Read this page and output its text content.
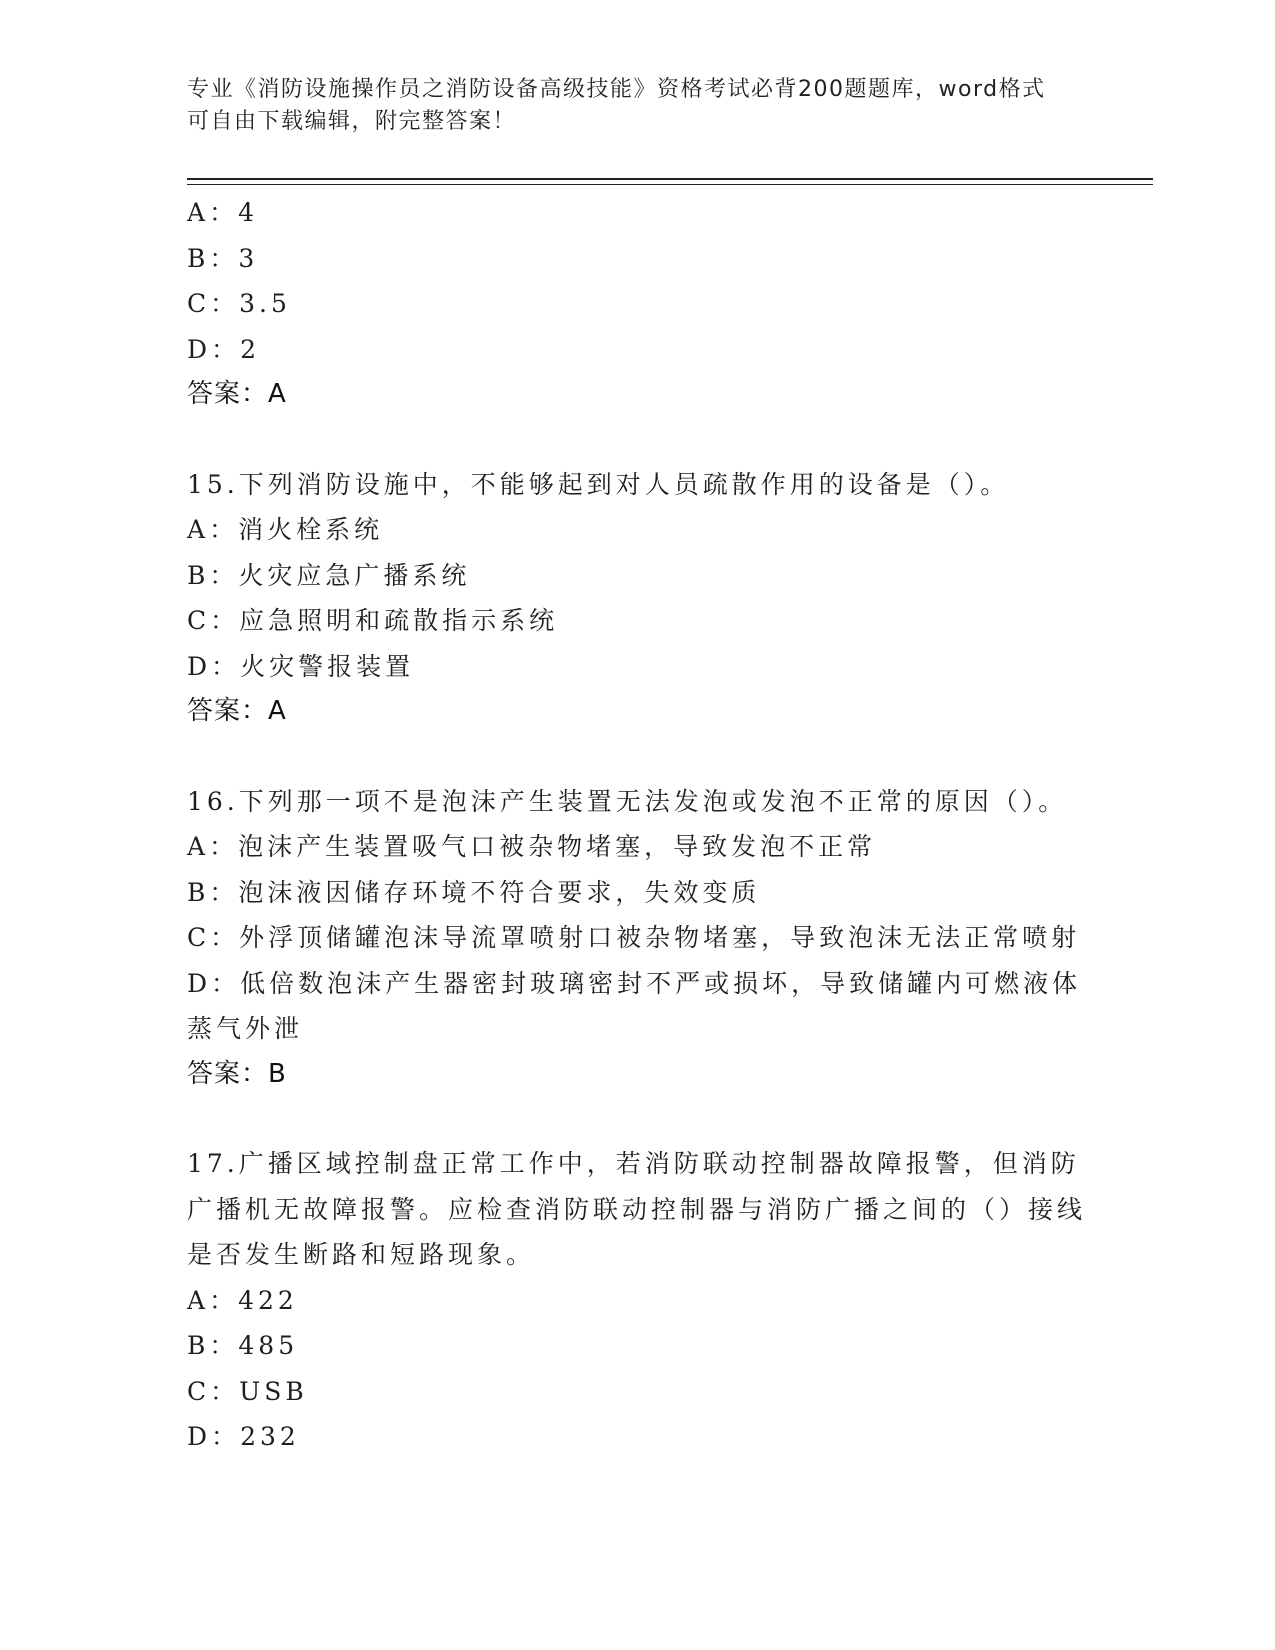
专业《消防设施操作员之消防设备高级技能》资格考试必背200题题库，word格式可自由下载编辑，附完整答案！
A：4
B：3
C：3.5
D：2
答案：A
15.下列消防设施中，不能够起到对人员疏散作用的设备是（）。
A：消火栓系统
B：火灾应急广播系统
C：应急照明和疏散指示系统
D：火灾警报装置
答案：A
16.下列那一项不是泡沫产生装置无法发泡或发泡不正常的原因（）。
A：泡沫产生装置吸气口被杂物堵塞，导致发泡不正常
B：泡沫液因储存环境不符合要求，失效变质
C：外浮顶储罐泡沫导流罩喷射口被杂物堵塞，导致泡沫无法正常喷射
D：低倍数泡沫产生器密封玻璃密封不严或损坏，导致储罐内可燃液体蒸气外泄
答案：B
17.广播区域控制盘正常工作中，若消防联动控制器故障报警，但消防广播机无故障报警。应检查消防联动控制器与消防广播之间的（）接线是否发生断路和短路现象。
A：422
B：485
C：USB
D：232
